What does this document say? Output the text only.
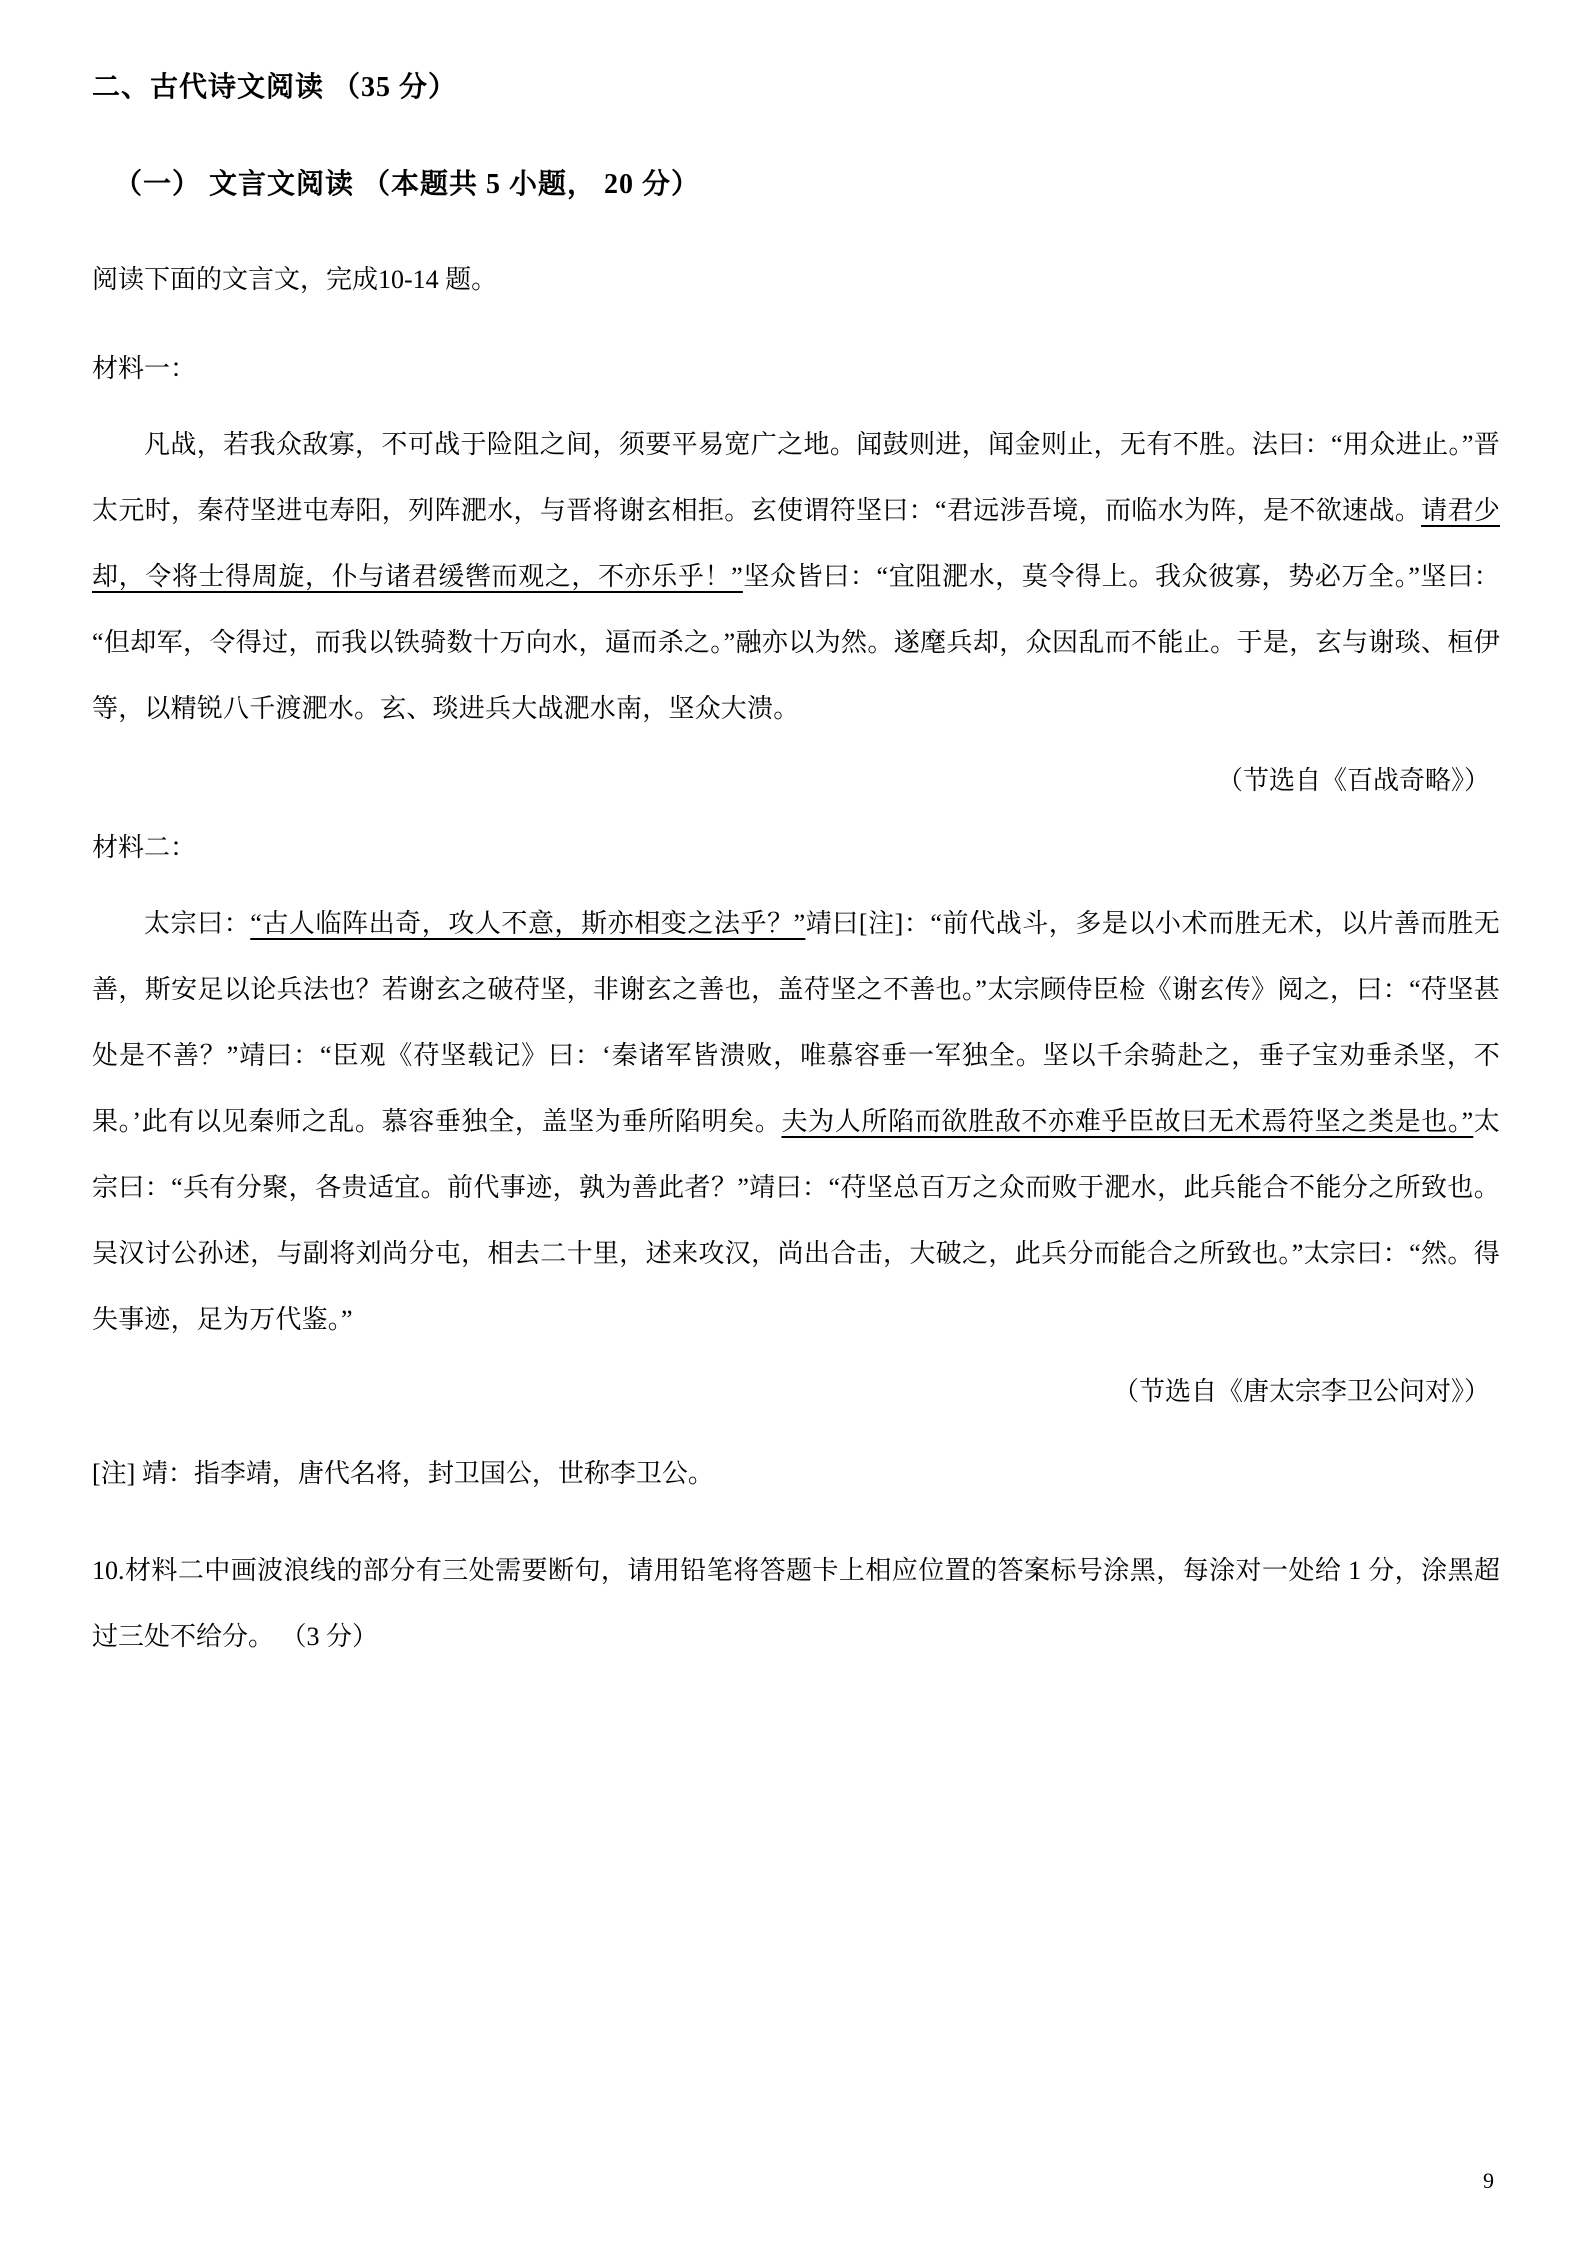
二、古代诗文阅读 （35 分）
（一） 文言文阅读 （本题共 5 小题， 20 分）

阅读下面的文言文，完成10-14 题。

材料一：

凡战，若我众敌寡，不可战于险阻之间，须要平易宽广之地。闻鼓则进，闻金则止，无有不胜。法曰：“用众进止。”晋太元时，秦苻坚进屯寿阳，列阵淝水，与晋将谢玄相拒。玄使谓符坚曰：“君远涉吾境，而临水为阵，是不欲速战。请君少却，令将士得周旋，仆与诸君缓辔而观之，不亦乐乎！”坚众皆曰：“宜阻淝水，莫令得上。我众彼寡，势必万全。”坚曰：“但却军，令得过，而我以铁骑数十万向水，逼而杀之。”融亦以为然。遂麾兵却，众因乱而不能止。于是，玄与谢琰、桓伊等，以精锐八千渡淝水。玄、琰进兵大战淝水南，坚众大溃。

（节选自《百战奇略》）

材料二：

太宗曰：“古人临阵出奇，攻人不意，斯亦相变之法乎？”靖曰[注]：“前代战斗，多是以小术而胜无术，以片善而胜无善，斯安足以论兵法也？若谢玄之破苻坚，非谢玄之善也，盖苻坚之不善也。”太宗顾侍臣检《谢玄传》阅之，曰：“苻坚甚处是不善？”靖曰：“臣观《苻坚载记》曰：‘秦诸军皆溃败，唯慕容垂一军独全。坚以千余骑赴之，垂子宝劝垂杀坚，不果。’此有以见秦师之乱。慕容垂独全，盖坚为垂所陷明矣。夫为人所陷而欲胜敌不亦难乎臣故曰无术焉符坚之类是也。”太宗曰：“兵有分聚，各贵适宜。前代事迹，孰为善此者？”靖曰：“苻坚总百万之众而败于淝水，此兵能合不能分之所致也。吴汉讨公孙述，与副将刘尚分屯，相去二十里，述来攻汉，尚出合击，大破之，此兵分而能合之所致也。”太宗曰：“然。得失事迹，足为万代鉴。”

（节选自《唐太宗李卫公问对》）

[注] 靖：指李靖，唐代名将，封卫国公，世称李卫公。

10.材料二中画波浪线的部分有三处需要断句，请用铅笔将答题卡上相应位置的答案标号涂黑，每涂对一处给 1 分，涂黑超过三处不给分。 （3 分）

9
